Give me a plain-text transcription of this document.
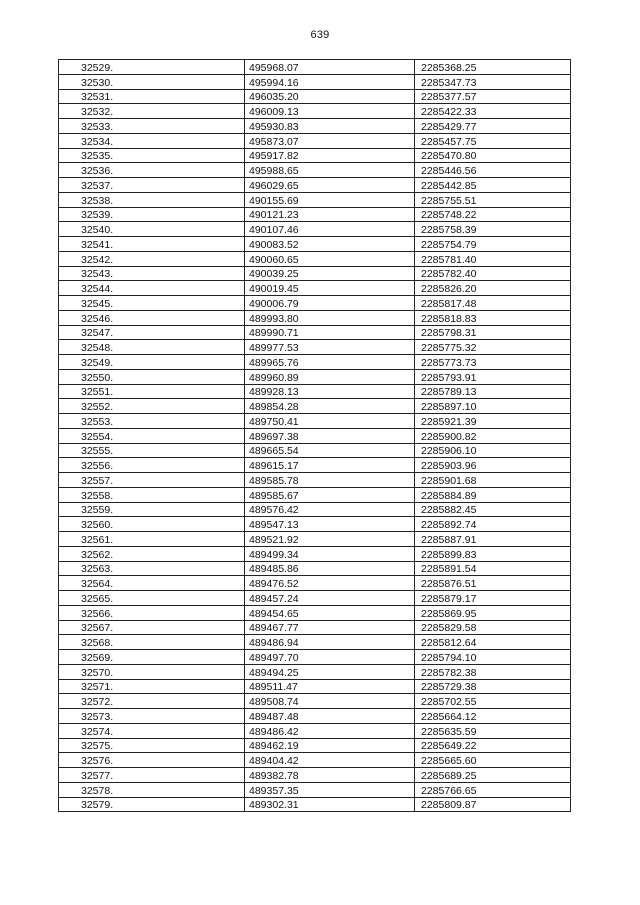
639
32529.	495968.07	2285368.25
32530.	495994.16	2285347.73
32531.	496035.20	2285377.57
32532.	496009.13	2285422.33
32533.	495930.83	2285429.77
32534.	495873.07	2285457.75
32535.	495917.82	2285470.80
32536.	495988.65	2285446.56
32537.	496029.65	2285442.85
32538.	490155.69	2285755.51
32539.	490121.23	2285748.22
32540.	490107.46	2285758.39
32541.	490083.52	2285754.79
32542.	490060.65	2285781.40
32543.	490039.25	2285782.40
32544.	490019.45	2285826.20
32545.	490006.79	2285817.48
32546.	489993.80	2285818.83
32547.	489990.71	2285798.31
32548.	489977.53	2285775.32
32549.	489965.76	2285773.73
32550.	489960.89	2285793.91
32551.	489928.13	2285789.13
32552.	489854.28	2285897.10
32553.	489750.41	2285921.39
32554.	489697.38	2285900.82
32555.	489665.54	2285906.10
32556.	489615.17	2285903.96
32557.	489585.78	2285901.68
32558.	489585.67	2285884.89
32559.	489576.42	2285882.45
32560.	489547.13	2285892.74
32561.	489521.92	2285887.91
32562.	489499.34	2285899.83
32563.	489485.86	2285891.54
32564.	489476.52	2285876.51
32565.	489457.24	2285879.17
32566.	489454.65	2285869.95
32567.	489467.77	2285829.58
32568.	489486.94	2285812.64
32569.	489497.70	2285794.10
32570.	489494.25	2285782.38
32571.	489511.47	2285729.38
32572.	489508.74	2285702.55
32573.	489487.48	2285664.12
32574.	489486.42	2285635.59
32575.	489462.19	2285649.22
32576.	489404.42	2285665.60
32577.	489382.78	2285689.25
32578.	489357.35	2285766.65
32579.	489302.31	2285809.87
